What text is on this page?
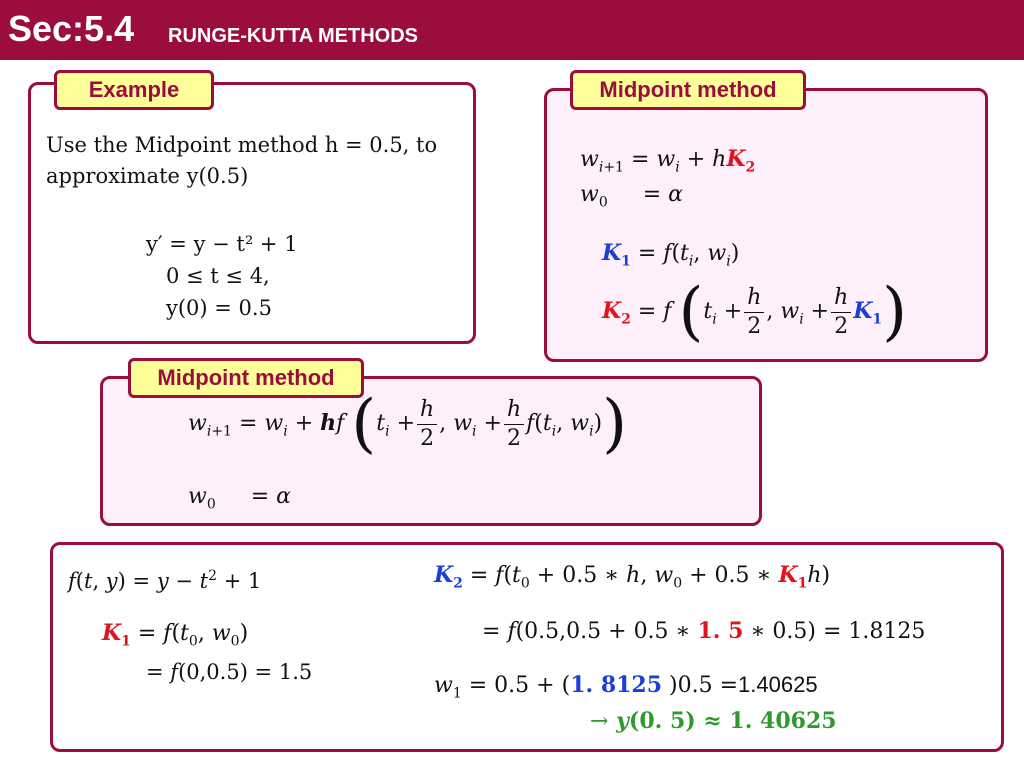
Sec:5.4 RUNGE-KUTTA METHODS
Example
Use the Midpoint method h = 0.5, to
approximate y(0.5)
y′ = y − t² + 1
0 ≤ t ≤ 4,
y(0) = 0.5
Midpoint method
$w_{i+1} = w_i + hK_2$
$w_0$     = α
$K_1 = f(t_i$, $w_i$)
$K_2 = f$ ($t_i + \frac{h}{2}$ , $w_i + \frac{h}{2} K_1$)
Midpoint method
$w_{i+1} = w_i$ + hf ($t_i + \frac{h}{2}$ , $w_i + \frac{h}{2} f(t_i$, $w_i$))
$w_0$     = α
f(t, $y) = y - t^2 + 1$
$K_1 = f(t_0$, $w_0$)
= f(0,0.5) = 1.5
$K_2 = f(t_0 + 0.5$ ∗ h, $w_0 + 0.5$ ∗ $K_1h$)
= f(0.5,0.5 + 0.5 ∗ 1. 5 ∗ 0.5) = 1.8125
$w_1 = 0.5 + (1$. 8125 )0.5 =1.40625
→ y(0. 5) ≈ 1. 40625
